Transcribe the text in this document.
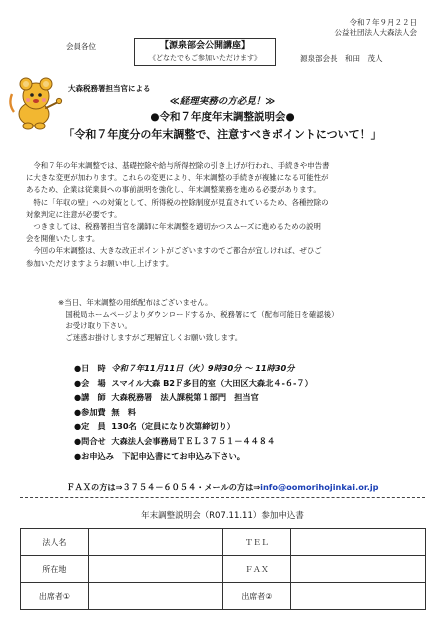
令和７年９月２２日
公益社団法人大森法人会
会員各位
源泉部会長　和田　茂人
【源泉部会公開講座】
《どなたでもご参加いただけます》
大森税務署担当官による
≪経理実務の方必見！≫
●令和７年度年末調整説明会●
「令和７年度分の年末調整で、注意すべきポイントについて！」
　令和７年の年末調整では、基礎控除や給与所得控除の引き上げが行われ、手続きや申告書
に大きな変更が加わります。これらの変更により、年末調整の手続きが複雑になる可能性が
あるため、企業は従業員への事前説明を強化し、年末調整業務を進める必要があります。
　特に「年収の壁」への対策として、所得税の控除制度が見直されているため、各種控除の
対象判定に注意が必要です。
　つきましては、税務署担当官を講師に年末調整を適切かつスムーズに進めるための説明
会を開催いたします。
　今回の年末調整は、大きな改正ポイントがございますのでご都合が宜しければ、ぜひご
参加いただけますようお願い申し上げます。
※当日、年末調整の用紙配布はございません。
　国税局ホームページよりダウンロードするか、税務署にて（配布可能日を確認後）
　お受け取り下さい。
　ご迷惑お掛けしますがご理解宜しくお願い致します。
●日　時 令和７年11月11日（火）9時30分 ～ 11時30分
●会　場 スマイル大森 B2Ｆ多目的室（大田区大森北４-６-７）
●講　師 大森税務署　法人課税第１部門　担当官
●参加費 無　料
●定　員 130名（定員になり次第締切り）
●問合せ 大森法人会事務局ＴＥＬ３７５１－４４８４
●お申込み　下記申込書にてお申込み下さい。
ＦＡＸの方は⇒３７５４－６０５４・メールの方は⇒info@oomorihojinkai.or.jp
年末調整説明会（R07.11.11）参加申込書
法人名		ＴＥＬ	
所在地		ＦＡＸ	
出席者①		出席者②	
